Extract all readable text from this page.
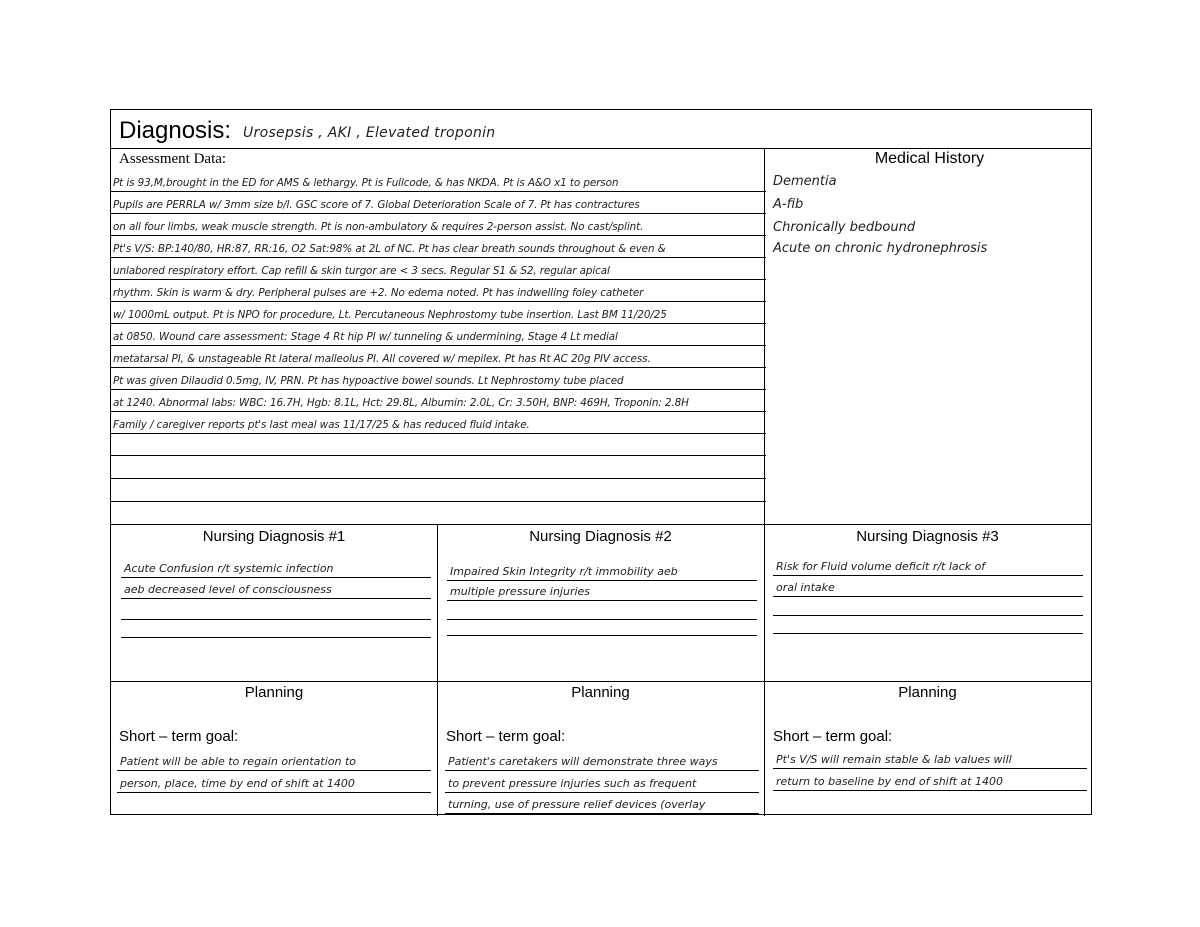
Diagnosis: Urosepsis , AKI , Elevated troponin
Assessment Data:
Pt is 93,M,brought in the ED for AMS & lethargy. Pt is Fullcode, & has NKDA. Pt is A&O x1 to person
Pupils are PERRLA w/ 3mm size b/l. GSC score of 7. Global Deterioration Scale of 7. Pt has contractures
on all four limbs, weak muscle strength. Pt is non-ambulatory & requires 2-person assist. No cast/splint.
Pt's V/S: BP:140/80, HR:87, RR:16, O2 Sat:98% at 2L of NC. Pt has clear breath sounds throughout & even &
unlabored respiratory effort. Cap refill & skin turgor are < 3 secs. Regular S1 & S2, regular apical
rhythm. Skin is warm & dry. Peripheral pulses are +2. No edema noted. Pt has indwelling foley catheter
w/ 1000mL output. Pt is NPO for procedure, Lt. Percutaneous Nephrostomy tube insertion. Last BM 11/20/25
at 0850. Wound care assessment: Stage 4 Rt hip PI w/ tunneling & undermining, Stage 4 Lt medial
metatarsal PI, & unstageable Rt lateral malleolus PI. All covered w/ mepilex. Pt has Rt AC 20g PIV access.
Pt was given Dilaudid 0.5mg, IV, PRN. Pt has hypoactive bowel sounds. Lt Nephrostomy tube placed
at 1240. Abnormal labs: WBC: 16.7H, Hgb: 8.1L, Hct: 29.8L, Albumin: 2.0L, Cr: 3.50H, BNP: 469H, Troponin: 2.8H
Family / caregiver reports pt's last meal was 11/17/25 & has reduced fluid intake.
Medical History
Dementia
A-fib
Chronically bedbound
Acute on chronic hydronephrosis
Nursing Diagnosis #1
Acute Confusion r/t systemic infection
aeb decreased level of consciousness
Nursing Diagnosis #2
Impaired Skin Integrity r/t immobility aeb
multiple pressure injuries
Nursing Diagnosis #3
Risk for Fluid volume deficit r/t lack of
oral intake
Planning
Short – term goal:
Patient will be able to regain orientation to
person, place, time by end of shift at 1400
Planning
Short – term goal:
Patient's caretakers will demonstrate three ways
to prevent pressure injuries such as frequent
turning, use of pressure relief devices (overlay
Planning
Short – term goal:
Pt's V/S will remain stable & lab values will
return to baseline by end of shift at 1400
